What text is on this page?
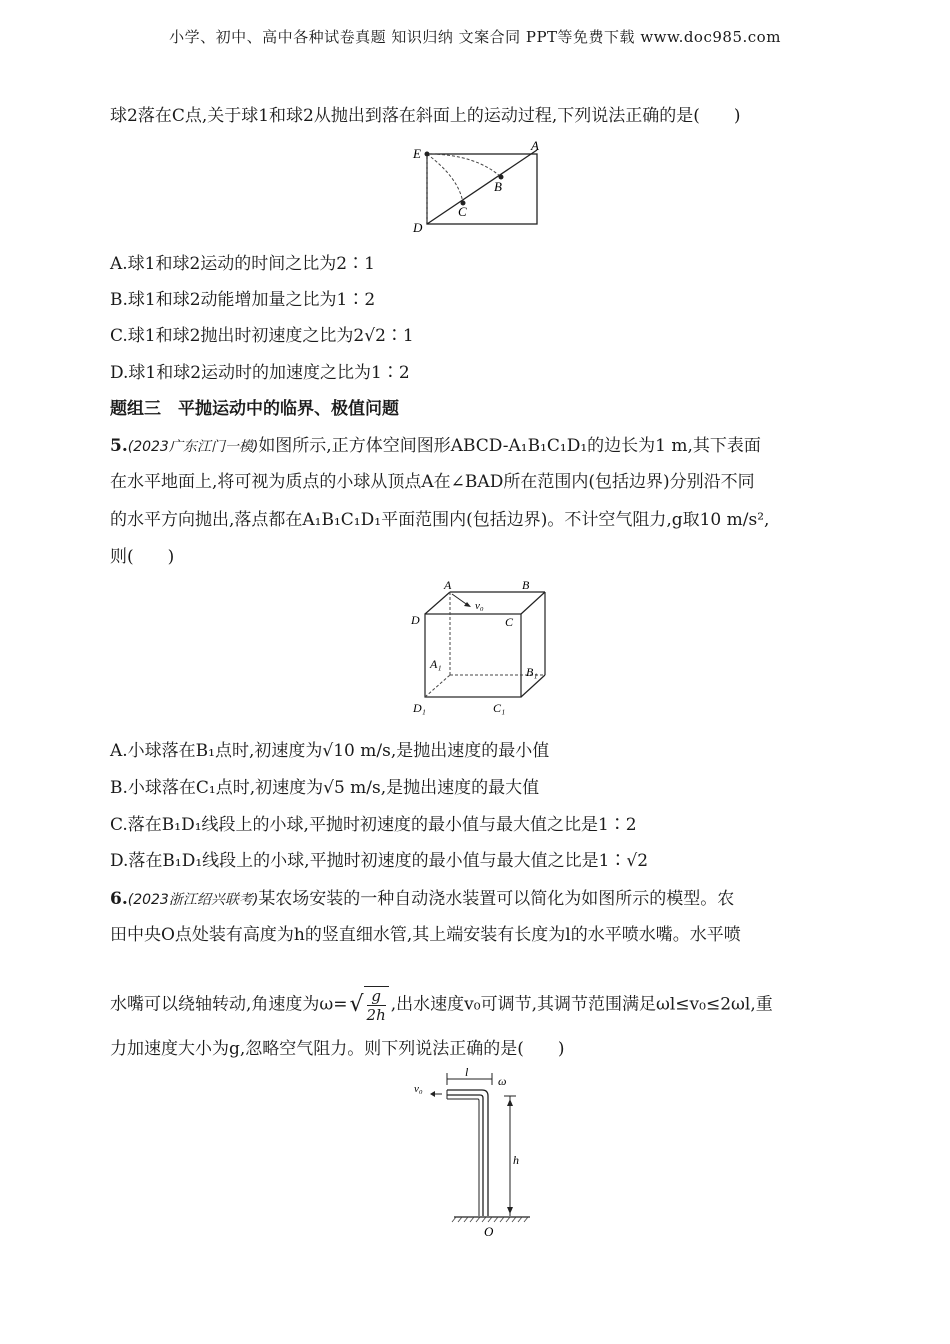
小学、初中、高中各种试卷真题 知识归纳 文案合同 PPT等免费下载 www.doc985.com
球2落在C点,关于球1和球2从抛出到落在斜面上的运动过程,下列说法正确的是(　　)
E
A
B
C
D
A.球1和球2运动的时间之比为2∶1
B.球1和球2动能增加量之比为1∶2
C.球1和球2抛出时初速度之比为2√2∶1
D.球1和球2运动时的加速度之比为1∶2
题组三　平抛运动中的临界、极值问题
5.(2023广东江门一模)如图所示,正方体空间图形ABCD-A₁B₁C₁D₁的边长为1 m,其下表面
在水平地面上,将可视为质点的小球从顶点A在∠BAD所在范围内(包括边界)分别沿不同
的水平方向抛出,落点都在A₁B₁C₁D₁平面范围内(包括边界)。不计空气阻力,g取10 m/s²,
则(　　)
A	B
D	C
v₀
A₁
B₁
D₁	C₁
A.小球落在B₁点时,初速度为√10 m/s,是抛出速度的最小值
B.小球落在C₁点时,初速度为√5 m/s,是抛出速度的最大值
C.落在B₁D₁线段上的小球,平抛时初速度的最小值与最大值之比是1∶2
D.落在B₁D₁线段上的小球,平抛时初速度的最小值与最大值之比是1∶√2
6.(2023浙江绍兴联考)某农场安装的一种自动浇水装置可以简化为如图所示的模型。农
田中央O点处装有高度为h的竖直细水管,其上端安装有长度为l的水平喷水嘴。水平喷
水嘴可以绕轴转动,角速度为$\omega=√ \frac{g}{2h}$ ,出水速度v₀可调节,其调节范围满足ωl≤v₀≤2ωl,重
力加速度大小为g,忽略空气阻力。则下列说法正确的是(　　)
l
ω
v₀
h
O
